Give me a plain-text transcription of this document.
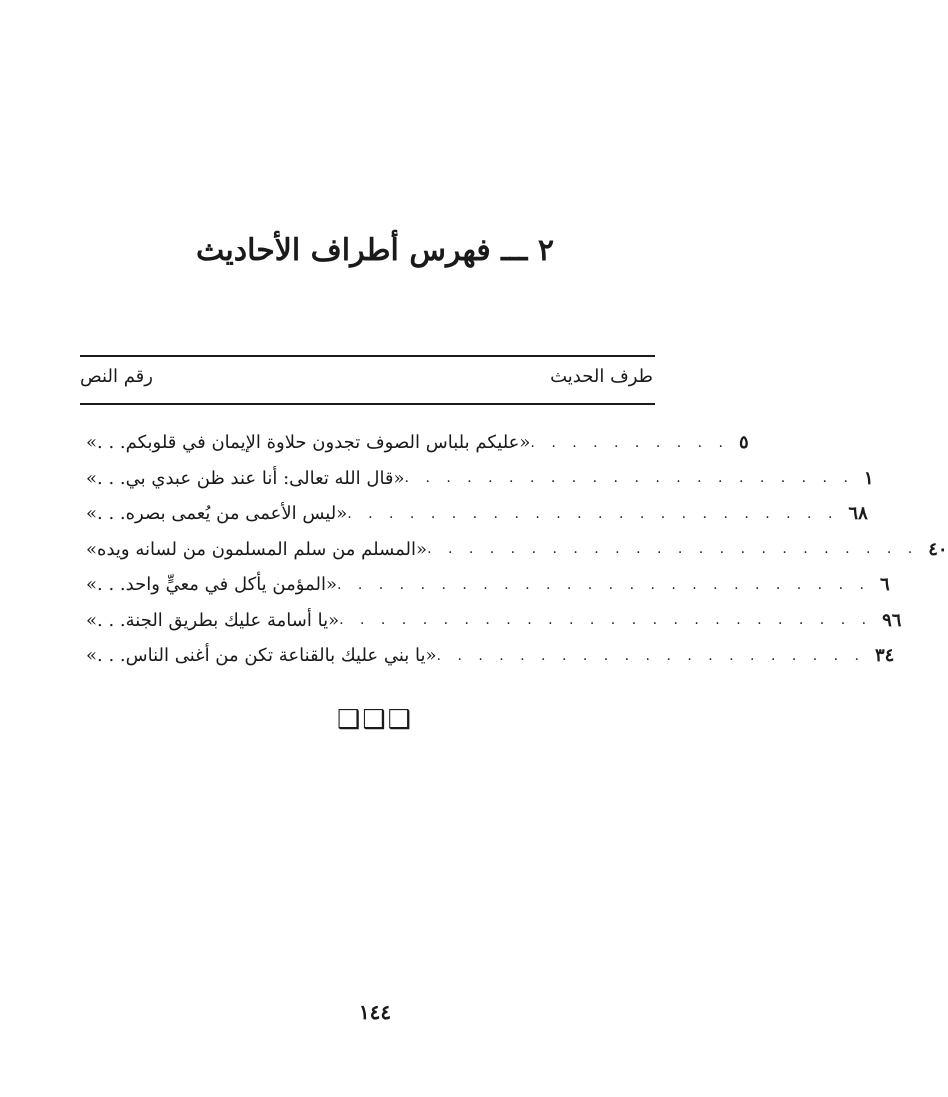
٢ ـــ فهرس أطراف الأحاديث
طرف الحديث
رقم النص
«عليكم بلباس الصوف تجدون حلاوة الإيمان في قلوبكم. . .» . . . . . . . . . . ٥
«قال الله تعالى: أنا عند ظن عبدي بي. . .» . . . . . . . . . . . . . . . . . . . . . . ١
«ليس الأعمى من يُعمى بصره. . .» . . . . . . . . . . . . . . . . . . . . . . . . ٦٨
«المسلم من سلم المسلمون من لسانه ويده» . . . . . . . . . . . . . . . . . . . . . . . . ٤٠
«المؤمن يأكل في معيٍّ واحد. . .» . . . . . . . . . . . . . . . . . . . . . . . . . . ٦
«يا أسامة عليك بطريق الجنة. . .» . . . . . . . . . . . . . . . . . . . . . . . . . . ٩٦
«يا بني عليك بالقناعة تكن من أغنى الناس. . .» . . . . . . . . . . . . . . . . . . . . . ٣٤
❑❑❑
١٤٤
